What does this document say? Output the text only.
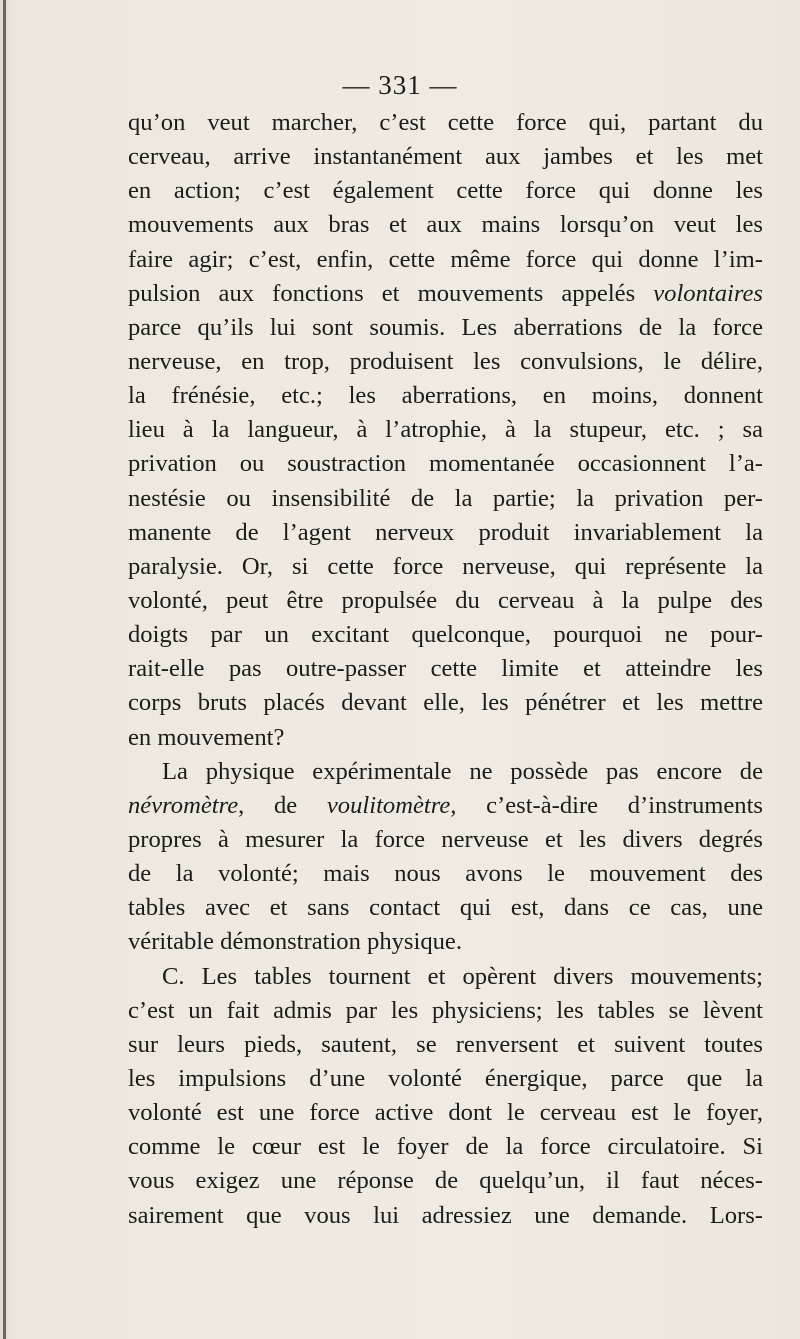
— 331 —
qu’on veut marcher, c’est cette force qui, partant du
cerveau, arrive instantanément aux jambes et les met
en action; c’est également cette force qui donne les
mouvements aux bras et aux mains lorsqu’on veut les
faire agir; c’est, enfin, cette même force qui donne l’im-
pulsion aux fonctions et mouvements appelés volontaires
parce qu’ils lui sont soumis. Les aberrations de la force
nerveuse, en trop, produisent les convulsions, le délire,
la frénésie, etc.; les aberrations, en moins, donnent
lieu à la langueur, à l’atrophie, à la stupeur, etc. ; sa
privation ou soustraction momentanée occasionnent l’a-
nestésie ou insensibilité de la partie; la privation per-
manente de l’agent nerveux produit invariablement la
paralysie. Or, si cette force nerveuse, qui représente la
volonté, peut être propulsée du cerveau à la pulpe des
doigts par un excitant quelconque, pourquoi ne pour-
rait-elle pas outre-passer cette limite et atteindre les
corps bruts placés devant elle, les pénétrer et les mettre
en mouvement?
La physique expérimentale ne possède pas encore de
névromètre, de voulitomètre, c’est-à-dire d’instruments
propres à mesurer la force nerveuse et les divers degrés
de la volonté; mais nous avons le mouvement des
tables avec et sans contact qui est, dans ce cas, une
véritable démonstration physique.
C. Les tables tournent et opèrent divers mouvements;
c’est un fait admis par les physiciens; les tables se lèvent
sur leurs pieds, sautent, se renversent et suivent toutes
les impulsions d’une volonté énergique, parce que la
volonté est une force active dont le cerveau est le foyer,
comme le cœur est le foyer de la force circulatoire. Si
vous exigez une réponse de quelqu’un, il faut néces-
sairement que vous lui adressiez une demande. Lors-
